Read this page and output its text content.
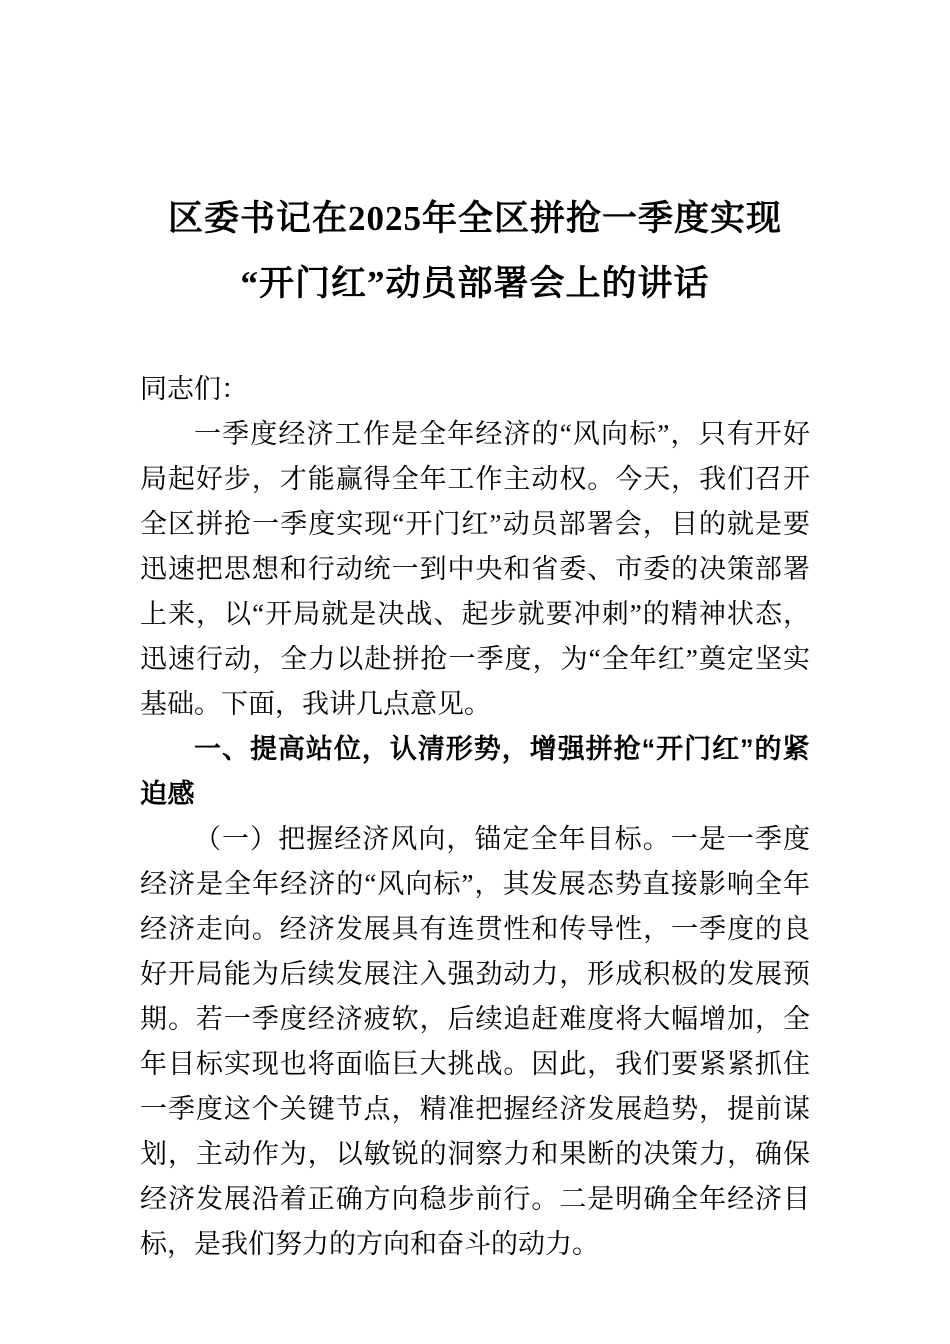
区委书记在2025年全区拼抢一季度实现
“开门红”动员部署会上的讲话

同志们：

一季度经济工作是全年经济的“风向标”，只有开好局起好步，才能赢得全年工作主动权。今天，我们召开全区拼抢一季度实现“开门红”动员部署会，目的就是要迅速把思想和行动统一到中央和省委、市委的决策部署上来，以“开局就是决战、起步就要冲刺”的精神状态，迅速行动，全力以赴拼抢一季度，为“全年红”奠定坚实基础。下面，我讲几点意见。

一、提高站位，认清形势，增强拼抢“开门红”的紧迫感

（一）把握经济风向，锚定全年目标。一是一季度经济是全年经济的“风向标”，其发展态势直接影响全年经济走向。经济发展具有连贯性和传导性，一季度的良好开局能为后续发展注入强劲动力，形成积极的发展预期。若一季度经济疲软，后续追赶难度将大幅增加，全年目标实现也将面临巨大挑战。因此，我们要紧紧抓住一季度这个关键节点，精准把握经济发展趋势，提前谋划，主动作为，以敏锐的洞察力和果断的决策力，确保经济发展沿着正确方向稳步前行。二是明确全年经济目标，是我们努力的方向和奋斗的动力。
